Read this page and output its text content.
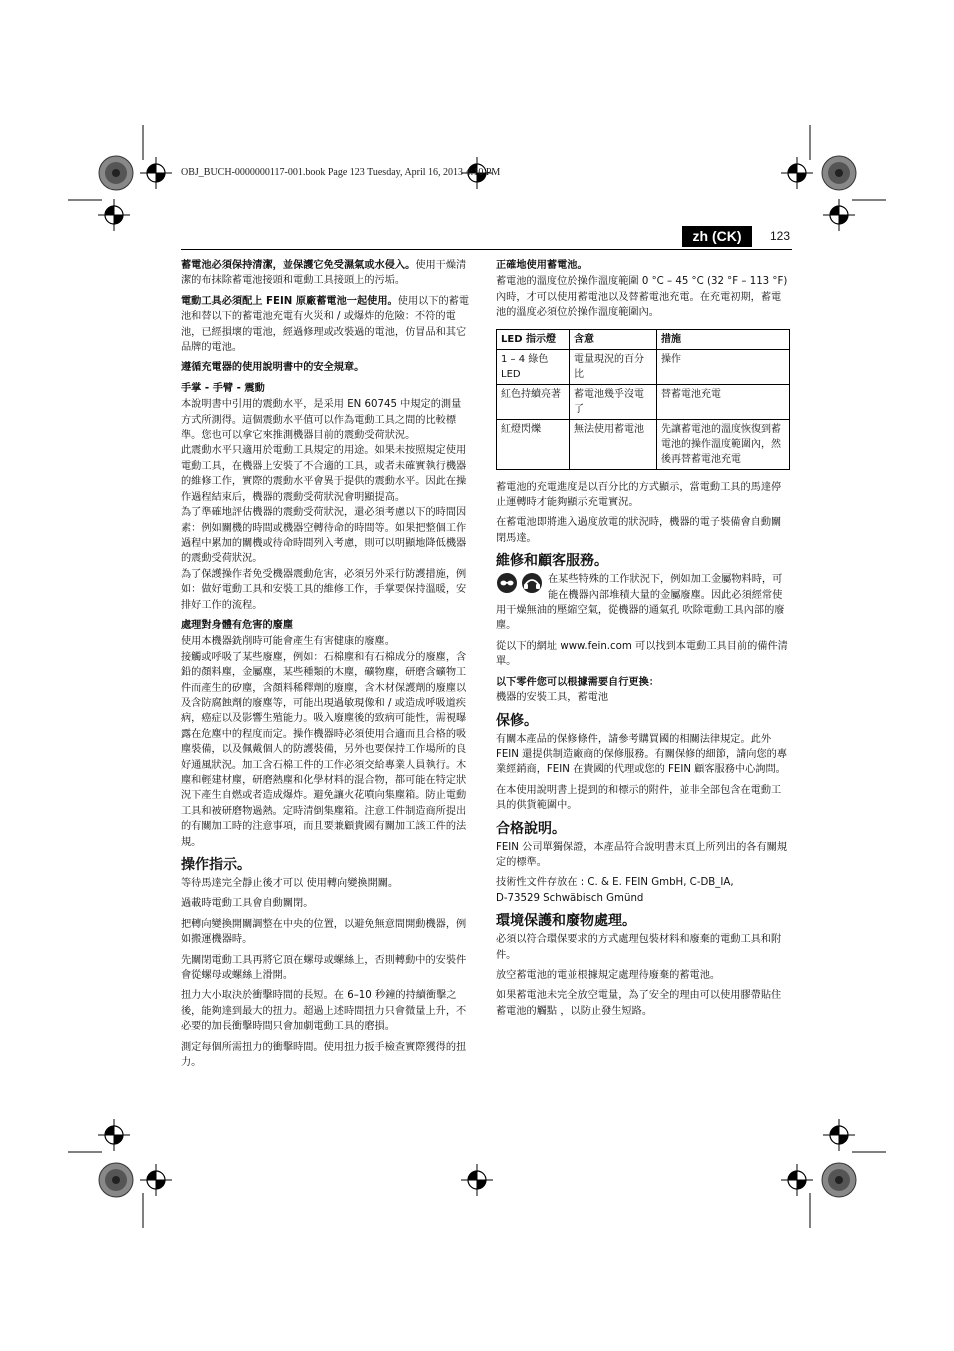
OBJ_BUCH-0000000117-001.book Page 123 Tuesday, April 16, 2013 4:10 PM
zh (CK)	123

蓄電池必須保持清潔，並保護它免受濕氣或水侵入。使用干燥清潔的布抹除蓄電池接頭和電動工具接頭上的污垢。

電動工具必須配上 FEIN 原廠蓄電池一起使用。使用以下的蓄電池和替以下的蓄電池充電有火災和 / 或爆炸的危險：不符的電池，已經損壞的電池，經過修理或改裝過的電池，仿冒品和其它品牌的電池。

遵循充電器的使用說明書中的安全規章。

手掌 - 手臂 - 震動

本說明書中引用的震動水平，是采用 EN 60745 中規定的測量方式所測得。這個震動水平值可以作為電動工具之間的比較標準。您也可以拿它來推測機器目前的震動受荷狀況。

此震動水平只適用於電動工具規定的用途。如果未按照規定使用電動工具，在機器上安裝了不合適的工具，或者未確實執行機器的維修工作，實際的震動水平會異于提供的震動水平。因此在操作過程結束后，機器的震動受荷狀況會明顯提高。

為了準確地評估機器的震動受荷狀況，還必須考慮以下的時間因素：例如關機的時間或機器空轉待命的時間等。如果把整個工作過程中累加的關機或待命時間列入考慮，則可以明顯地降低機器的震動受荷狀況。

為了保護操作者免受機器震動危害，必須另外采行防護措施，例如：做好電動工具和安裝工具的維修工作，手掌要保持溫暖，安排好工作的流程。

處理對身體有危害的廢塵

使用本機器銑削時可能會產生有害健康的廢塵。

接觸或呼吸了某些廢塵，例如：石棉塵和有石棉成分的廢塵，含鉛的顏料塵，金屬塵，某些種類的木塵，礦物塵，研磨含礦物工件而產生的矽塵，含顏料稀釋劑的廢塵，含木材保護劑的廢塵以及含防腐蝕劑的廢塵等，可能出現過敏現像和 / 或造成呼吸道疾病，癌症以及影響生殖能力。吸入廢塵後的致病可能性，需視曝露在危塵中的程度而定。操作機器時必須使用合適而且合格的吸塵裝備，以及佩戴個人的防護裝備，另外也要保持工作場所的良好通風狀況。加工含石棉工件的工作必須交給專業人員執行。木塵和輕建材塵，研磨熱塵和化學材料的混合物，都可能在特定狀況下產生自燃或者造成爆炸。避免讓火花噴向集塵箱。防止電動工具和被研磨物過熱。定時清倒集塵箱。注意工件制造商所提出的有關加工時的注意事項，而且要兼顧貴國有關加工該工件的法規。

操作指示。

等待馬達完全靜止後才可以 使用轉向變換開關。

過載時電動工具會自動關閉。

把轉向變換開關調整在中央的位置，以避免無意間開動機器，例如搬運機器時。

先關閉電動工具再將它頂在螺母或螺絲上，否則轉動中的安裝件會從螺母或螺絲上滑開。

扭力大小取決於衝擊時間的長短。在 6–10 秒鐘的持續衝擊之後，能夠達到最大的扭力。超過上述時間扭力只會微量上升，不必要的加長衝擊時間只會加劇電動工具的磨損。

測定每個所需扭力的衝擊時間。使用扭力扳手檢查實際獲得的扭力。

正確地使用蓄電池。

蓄電池的溫度位於操作溫度範圍 0 °C – 45 °C (32 °F – 113 °F) 內時，才可以使用蓄電池以及替蓄電池充電。在充電初期，蓄電池的溫度必須位於操作溫度範圍內。

LED 指示燈	含意	措施
1 – 4 綠色 LED	電量現況的百分比	操作
紅色持續亮著	蓄電池幾乎沒電了	替蓄電池充電
紅燈閃爍	無法使用蓄電池	先讓蓄電池的溫度恢復到蓄電池的操作溫度範圍內，然後再替蓄電池充電

蓄電池的充電進度是以百分比的方式顯示，當電動工具的馬達停止運轉時才能夠顯示充電實況。

在蓄電池即將進入過度放電的狀況時，機器的電子裝備會自動關閉馬達。

維修和顧客服務。

在某些特殊的工作狀況下，例如加工金屬物料時，可能在機器內部堆積大量的金屬廢塵。因此必須經常使用干燥無油的壓縮空氣，從機器的通氣孔 吹除電動工具內部的廢塵。

從以下的網址 www.fein.com 可以找到本電動工具目前的備件清單。

以下零件您可以根據需要自行更換：

機器的安裝工具，蓄電池

保修。

有關本產品的保修條件，請參考購買國的相關法律規定。此外 FEIN 還提供制造廠商的保修服務。有關保修的細節，請向您的專業經銷商，FEIN 在貴國的代理或您的 FEIN 顧客服務中心詢問。

在本使用說明書上提到的和標示的附件，並非全部包含在電動工具的供貨範圍中。

合格說明。

FEIN 公司單獨保證，本產品符合說明書末頁上所列出的各有關規定的標準。

技術性文件存放在 : C. & E. FEIN GmbH, C-DB_IA,

D-73529 Schwäbisch Gmünd

環境保護和廢物處理。

必須以符合環保要求的方式處理包裝材料和廢棄的電動工具和附件。

放空蓄電池的電並根據規定處理待廢棄的蓄電池。

如果蓄電池未完全放空電量，為了安全的理由可以使用膠帶貼住蓄電池的觸點 ，以防止發生短路。
